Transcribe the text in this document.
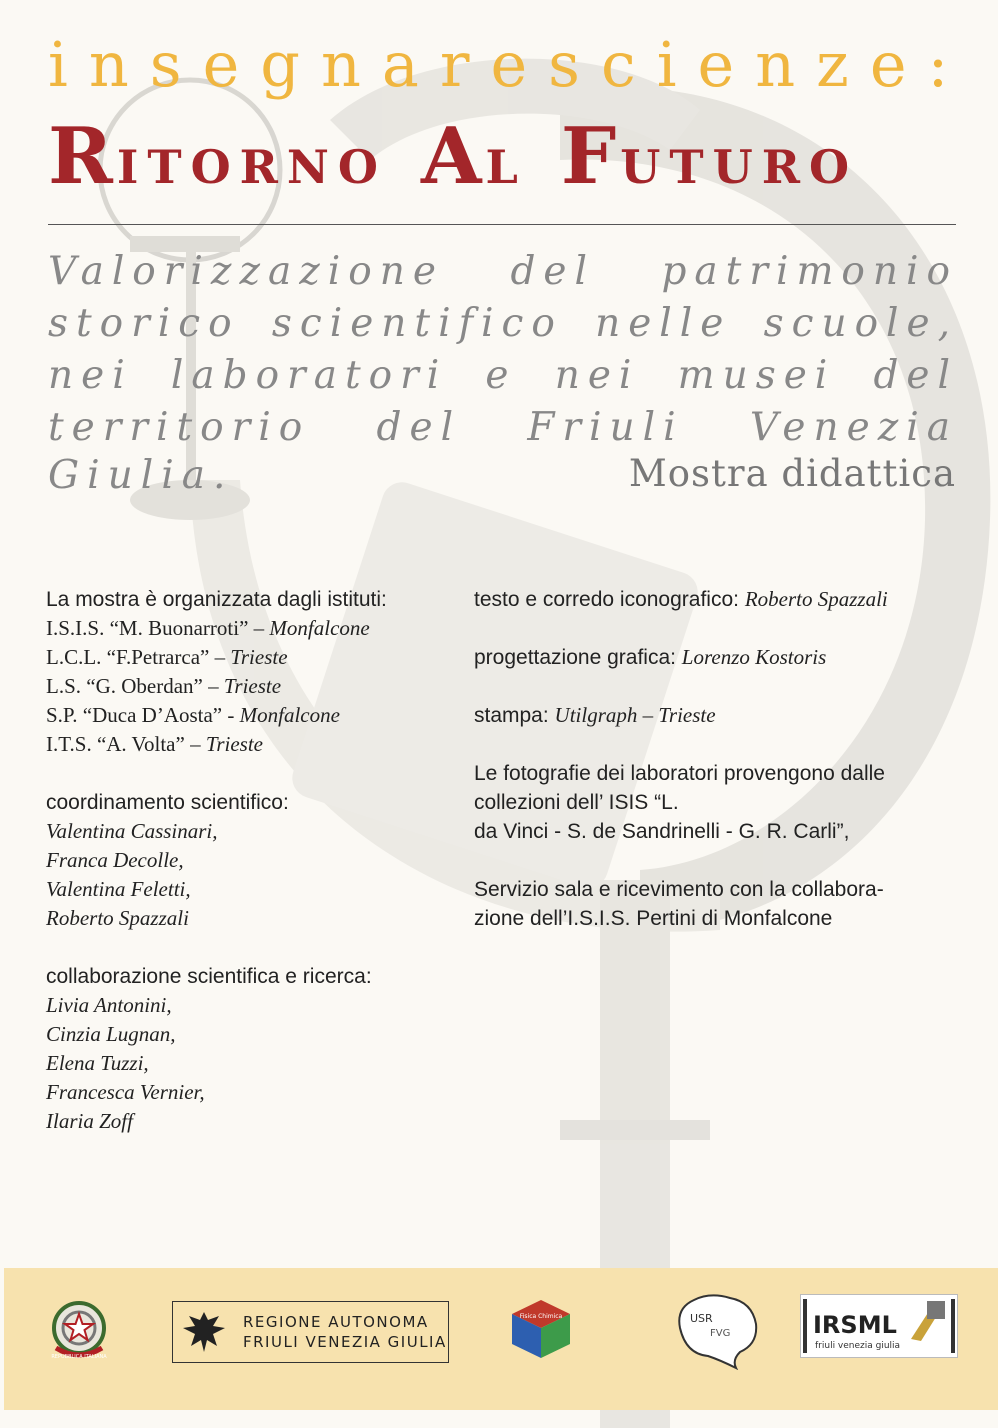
insegnarescienze:
RITORNO AL FUTURO
Valorizzazione del patrimonio
storico scientifico nelle scuole,
nei laboratori e nei musei del
territorio del Friuli Venezia
Giulia.	Mostra didattica
La mostra è organizzata dagli istituti:
I.S.I.S. “M. Buonarroti” – Monfalcone
L.C.L. “F.Petrarca” – Trieste
L.S. “G. Oberdan” – Trieste
S.P. “Duca D’Aosta” - Monfalcone
I.T.S. “A. Volta” – Trieste
coordinamento scientifico:
Valentina Cassinari,
Franca Decolle,
Valentina Feletti,
Roberto Spazzali
collaborazione scientifica e ricerca:
Livia Antonini,
Cinzia Lugnan,
Elena Tuzzi,
Francesca Vernier,
Ilaria Zoff
testo e corredo iconografico: Roberto Spazzali
progettazione grafica: Lorenzo Kostoris
stampa: Utilgraph – Trieste
Le fotografie dei laboratori provengono dalle
collezioni dell’ ISIS “L.
da Vinci - S. de Sandrinelli - G. R. Carli”,
Servizio sala e ricevimento con la collabora-
zione dell’I.S.I.S. Pertini di Monfalcone
REPUBBLICA ITALIANA
REGIONE AUTONOMA
FRIULI VENEZIA GIULIA
Fisica Chimica	USR
FVG	IRSML
friuli venezia giulia
